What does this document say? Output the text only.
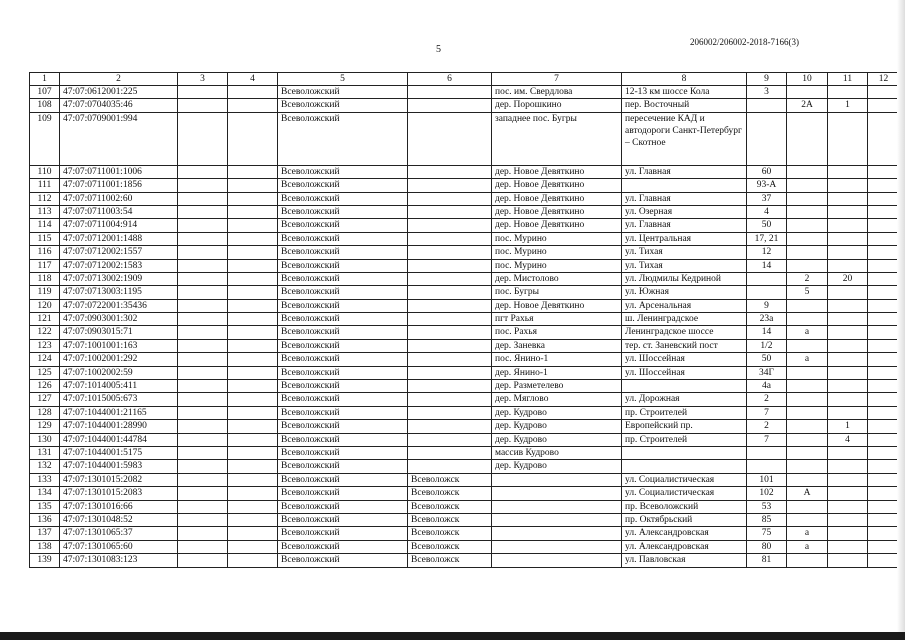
206002/206002-2018-7166(3)
5
1	2	3	4	5	6	7	8	9	10	11	12
107	47:07:0612001:225			Всеволожский		пос. им. Свердлова	12-13 км шоссе Кола	3			
108	47:07:0704035:46			Всеволожский		дер. Порошкино	пер. Восточный		2А	1	
109	47:07:0709001:994			Всеволожский		западнее пос. Бугры	пересечение КАД и автодороги Санкт-Петербург – Скотное				
110	47:07:0711001:1006			Всеволожский		дер. Новое Девяткино	ул. Главная	60			
111	47:07:0711001:1856			Всеволожский		дер. Новое Девяткино		93-А			
112	47:07:0711002:60			Всеволожский		дер. Новое Девяткино	ул. Главная	37			
113	47:07:0711003:54			Всеволожский		дер. Новое Девяткино	ул. Озерная	4			
114	47:07:0711004:914			Всеволожский		дер. Новое Девяткино	ул. Главная	50			
115	47:07:0712001:1488			Всеволожский		пос. Мурино	ул. Центральная	17, 21			
116	47:07:0712002:1557			Всеволожский		пос. Мурино	ул. Тихая	12			
117	47:07:0712002:1583			Всеволожский		пос. Мурино	ул. Тихая	14			
118	47:07:0713002:1909			Всеволожский		дер. Мистолово	ул. Людмилы Кедриной		2	20	
119	47:07:0713003:1195			Всеволожский		пос. Бугры	ул. Южная		5		
120	47:07:0722001:35436			Всеволожский		дер. Новое Девяткино	ул. Арсенальная	9			
121	47:07:0903001:302			Всеволожский		пгт Рахья	ш. Ленинградское	23а			
122	47:07:0903015:71			Всеволожский		пос. Рахья	Ленинградское шоссе	14	а		
123	47:07:1001001:163			Всеволожский		дер. Заневка	тер. ст. Заневский пост	1/2			
124	47:07:1002001:292			Всеволожский		пос. Янино-1	ул. Шоссейная	50	а		
125	47:07:1002002:59			Всеволожский		дер. Янино-1	ул. Шоссейная	34Г			
126	47:07:1014005:411			Всеволожский		дер. Разметелево		4а			
127	47:07:1015005:673			Всеволожский		дер. Мяглово	ул. Дорожная	2			
128	47:07:1044001:21165			Всеволожский		дер. Кудрово	пр. Строителей	7			
129	47:07:1044001:28990			Всеволожский		дер. Кудрово	Европейский пр.	2		1	
130	47:07:1044001:44784			Всеволожский		дер. Кудрово	пр. Строителей	7		4	
131	47:07:1044001:5175			Всеволожский		массив Кудрово					
132	47:07:1044001:5983			Всеволожский		дер. Кудрово					
133	47:07:1301015:2082			Всеволожский	Всеволожск		ул. Социалистическая	101			
134	47:07:1301015:2083			Всеволожский	Всеволожск		ул. Социалистическая	102	А		
135	47:07:1301016:66			Всеволожский	Всеволожск		пр. Всеволожский	53			
136	47:07:1301048:52			Всеволожский	Всеволожск		пр. Октябрьский	85			
137	47:07:1301065:37			Всеволожский	Всеволожск		ул. Александровская	75	а		
138	47:07:1301065:60			Всеволожский	Всеволожск		ул. Александровская	80	а		
139	47:07:1301083:123			Всеволожский	Всеволожск		ул. Павловская	81			
